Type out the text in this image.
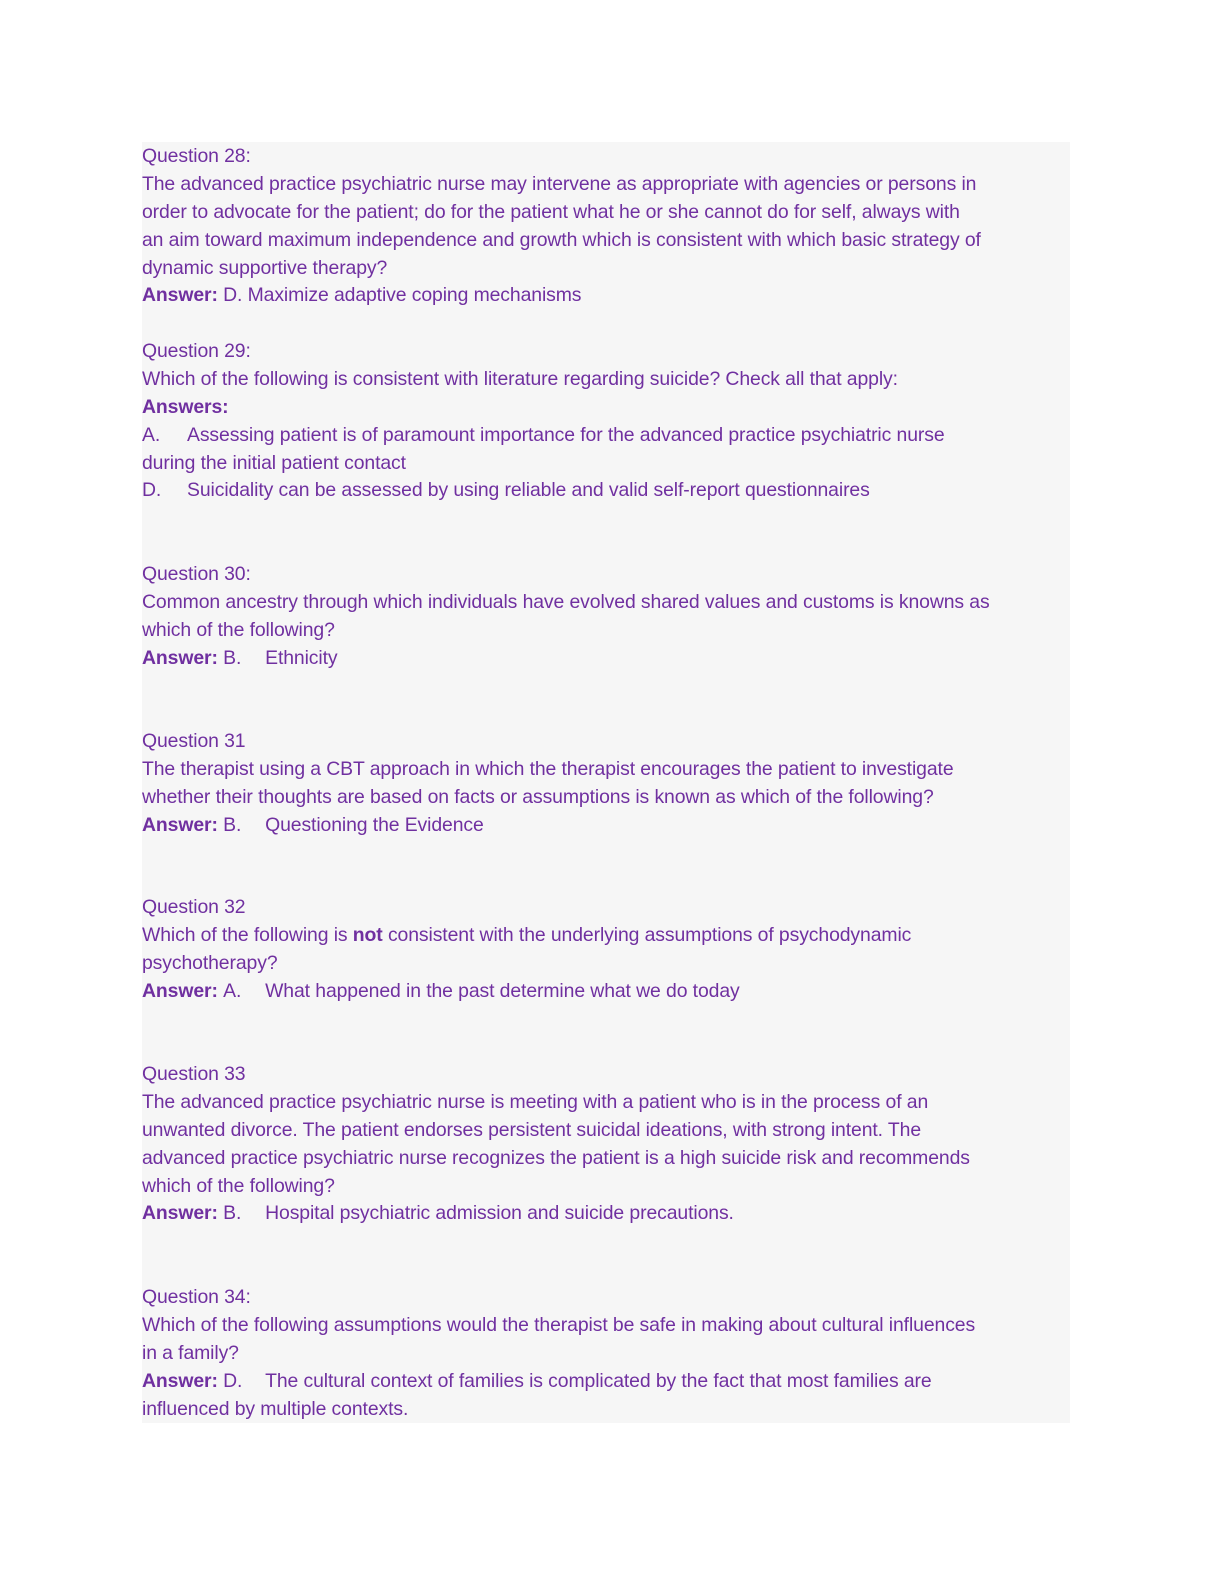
Question 28:
The advanced practice psychiatric nurse may intervene as appropriate with agencies or persons in
order to advocate for the patient; do for the patient what he or she cannot do for self, always with
an aim toward maximum independence and growth which is consistent with which basic strategy of
dynamic supportive therapy?
Answer: D. Maximize adaptive coping mechanisms
Question 29:
Which of the following is consistent with literature regarding suicide? Check all that apply:
Answers:
A. Assessing patient is of paramount importance for the advanced practice psychiatric nurse
during the initial patient contact
D. Suicidality can be assessed by using reliable and valid self-report questionnaires
Question 30:
Common ancestry through which individuals have evolved shared values and customs is knowns as
which of the following?
Answer: B. Ethnicity
Question 31
The therapist using a CBT approach in which the therapist encourages the patient to investigate
whether their thoughts are based on facts or assumptions is known as which of the following?
Answer: B. Questioning the Evidence
Question 32
Which of the following is not consistent with the underlying assumptions of psychodynamic
psychotherapy?
Answer: A. What happened in the past determine what we do today
Question 33
The advanced practice psychiatric nurse is meeting with a patient who is in the process of an
unwanted divorce. The patient endorses persistent suicidal ideations, with strong intent. The
advanced practice psychiatric nurse recognizes the patient is a high suicide risk and recommends
which of the following?
Answer: B. Hospital psychiatric admission and suicide precautions.
Question 34:
Which of the following assumptions would the therapist be safe in making about cultural influences
in a family?
Answer: D. The cultural context of families is complicated by the fact that most families are
influenced by multiple contexts.
